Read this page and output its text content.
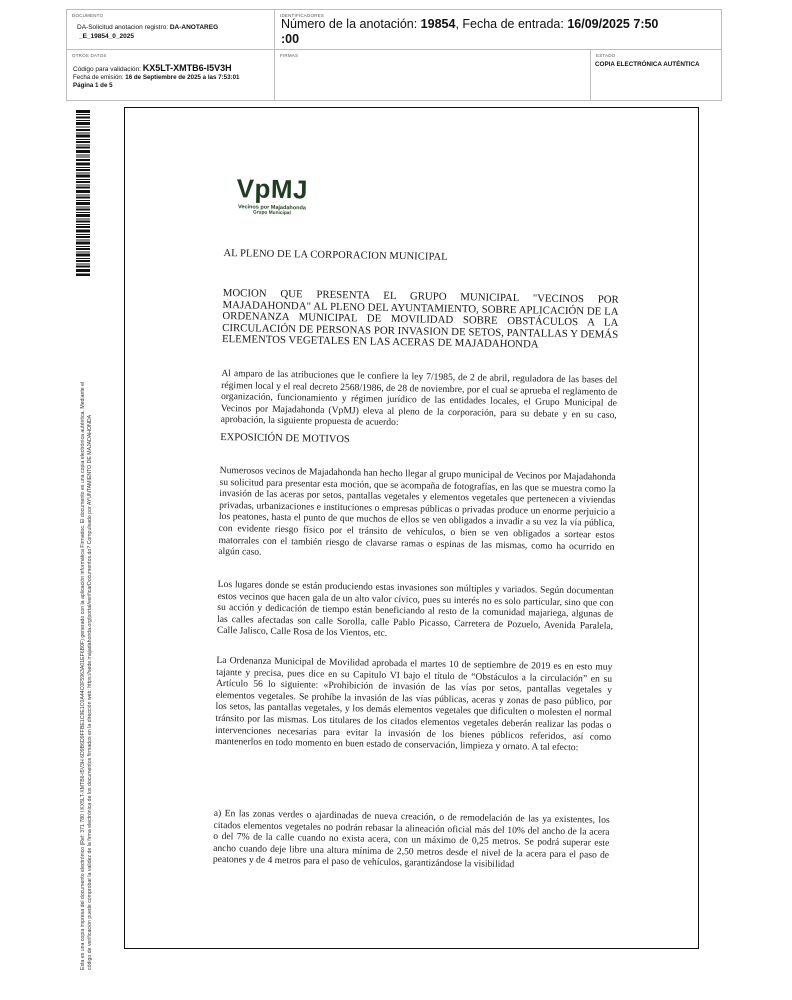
DOCUMENTO
DA-Solicitud anotacion registro: DA-ANOTAREG
_E_19854_0_2025
IDENTIFICADORES
Número de la anotación: 19854, Fecha de entrada: 16/09/2025 7:50
:00
OTROS DATOS
Código para validación: KX5LT-XMTB6-I5V3H
Fecha de emisión: 16 de Septiembre de 2025 a las 7:53:01
Página 1 de 5
FIRMAS	ESTADO
COPIA ELECTRÓNICA AUTÉNTICA
Esta es una copia impresa del documento electrónico (Ref: 371 780 I KX5LT-XMTB6-I5V3H 6D9B6D9FFBE1C9E1C0A44C0F5963A01EF6B0F) generado con la aplicación informática Firmadoc. El documento es una copia electrónica auténtica. Mediante el código de verificación puede comprobar la validez de la firma electrónica de los documentos firmados en la dirección web: https://sede.majadahonda.org/portal/verificarDocumentos.do? Compulsado por AYUNTAMIENTO DE MAJADAHONDA
VpMJ
Vecinos por Majadahonda
Grupo Municipal
AL PLENO DE LA CORPORACION MUNICIPAL
MOCION QUE PRESENTA EL GRUPO MUNICIPAL "VECINOS POR MAJADAHONDA" AL PLENO DEL AYUNTAMIENTO, SOBRE APLICACIÓN DE LA ORDENANZA MUNICIPAL DE MOVILIDAD SOBRE OBSTÁCULOS A LA CIRCULACIÓN DE PERSONAS POR INVASION DE SETOS, PANTALLAS Y DEMÁS ELEMENTOS VEGETALES EN LAS ACERAS DE MAJADAHONDA
Al amparo de las atribuciones que le confiere la ley 7/1985, de 2 de abril, reguladora de las bases del régimen local y el real decreto 2568/1986, de 28 de noviembre, por el cual se aprueba el reglamento de organización, funcionamiento y régimen jurídico de las entidades locales, el Grupo Municipal de Vecinos por Majadahonda (VpMJ) eleva al pleno de la corporación, para su debate y en su caso, aprobación, la siguiente propuesta de acuerdo:
EXPOSICIÓN DE MOTIVOS
Numerosos vecinos de Majadahonda han hecho llegar al grupo municipal de Vecinos por Majadahonda su solicitud para presentar esta moción, que se acompaña de fotografías, en las que se muestra como la invasión de las aceras por setos, pantallas vegetales y elementos vegetales que pertenecen a viviendas privadas, urbanizaciones e instituciones o empresas públicas o privadas produce un enorme perjuicio a los peatones, hasta el punto de que muchos de ellos se ven obligados a invadir a su vez la vía pública, con evidente riesgo físico por el tránsito de vehículos, o bien se ven obligados a sortear estos matorrales con el también riesgo de clavarse ramas o espinas de las mismas, como ha ocurrido en algún caso.
Los lugares donde se están produciendo estas invasiones son múltiples y variados. Según documentan estos vecinos que hacen gala de un alto valor cívico, pues su interés no es solo particular, sino que con su acción y dedicación de tiempo están beneficiando al resto de la comunidad majariega, algunas de las calles afectadas son calle Sorolla, calle Pablo Picasso, Carretera de Pozuelo, Avenida Paralela, Calle Jalisco, Calle Rosa de los Vientos, etc.
La Ordenanza Municipal de Movilidad aprobada el martes 10 de septiembre de 2019 es en esto muy tajante y precisa, pues dice en su Capitulo VI bajo el título de “Obstáculos a la circulación” en su Artículo 56 lo siguiente: «Prohibición de invasión de las vías por setos, pantallas vegetales y elementos vegetales. Se prohíbe la invasión de las vías públicas, aceras y zonas de paso público, por los setos, las pantallas vegetales, y los demás elementos vegetales que dificulten o molesten el normal tránsito por las mismas. Los titulares de los citados elementos vegetales deberán realizar las podas o intervenciones necesarias para evitar la invasión de los bienes públicos referidos, así como mantenerlos en todo momento en buen estado de conservación, limpieza y ornato. A tal efecto:
a) En las zonas verdes o ajardinadas de nueva creación, o de remodelación de las ya existentes, los citados elementos vegetales no podrán rebasar la alineación oficial más del 10% del ancho de la acera o del 7% de la calle cuando no exista acera, con un máximo de 0,25 metros. Se podrá superar este ancho cuando deje libre una altura mínima de 2,50 metros desde el nivel de la acera para el paso de peatones y de 4 metros para el paso de vehículos, garantizándose la visibilidad
